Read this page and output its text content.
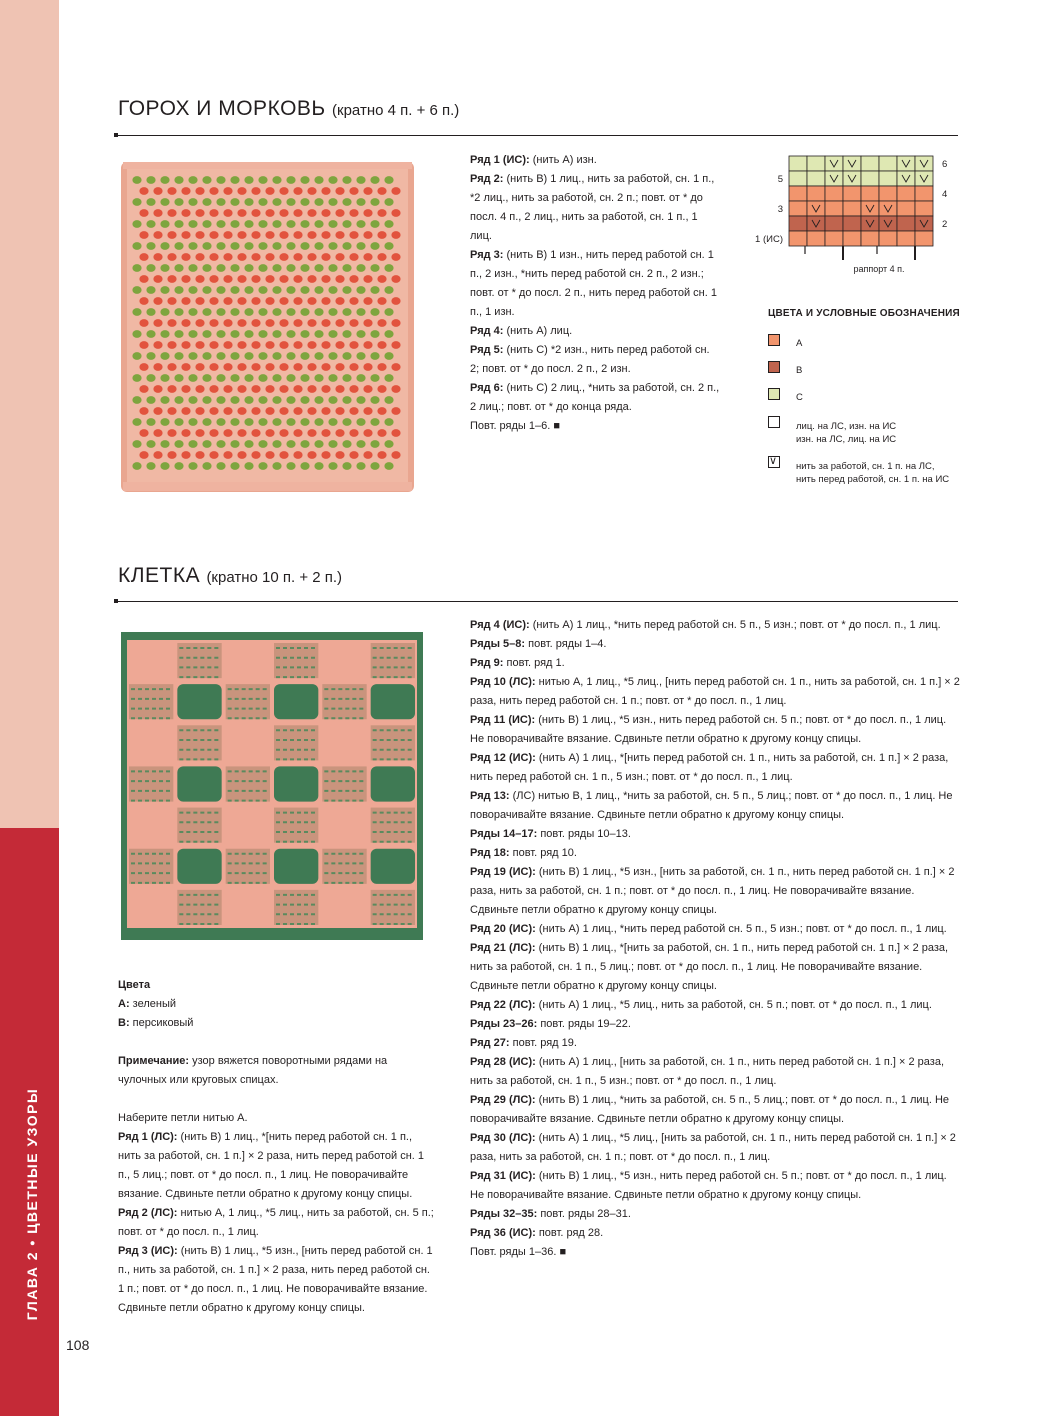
ГЛАВА 2 • ЦВЕТНЫЕ УЗОРЫ
108
ГОРОХ И МОРКОВЬ (кратно 4 п. + 6 п.)

Ряд 1 (ИС): (нить A) изн.

Ряд 2: (нить B) 1 лиц., нить за работой, сн. 1 п., *2 лиц., нить за работой, сн. 2 п.; повт. от * до посл. 4 п., 2 лиц., нить за работой, сн. 1 п., 1 лиц.

Ряд 3: (нить B) 1 изн., нить перед работой сн. 1 п., 2 изн., *нить перед работой сн. 2 п., 2 изн.; повт. от * до посл. 2 п., нить перед работой сн. 1 п., 1 изн.

Ряд 4: (нить A) лиц.

Ряд 5: (нить C) *2 изн., нить перед работой сн. 2; повт. от * до посл. 2 п., 2 изн.

Ряд 6: (нить C) 2 лиц., *нить за работой, сн. 2 п., 2 лиц.; повт. от * до конца ряда.

Повт. ряды 1–6. ■

5
3
1 (ИС)
6
4
2
раппорт 4 п.
ЦВЕТА И УСЛОВНЫЕ ОБОЗНАЧЕНИЯ
A
B
C
лиц. на ЛС, изн. на ИС
изн. на ЛС, лиц. на ИС
∨ нить за работой, сн. 1 п. на ЛС,
нить перед работой, сн. 1 п. на ИС
КЛЕТКА (кратно 10 п. + 2 п.)

Цвета

A: зеленый

B: персиковый

Примечание: узор вяжется поворотными рядами на чулочных или круговых спицах.

Наберите петли нитью A.

Ряд 1 (ЛС): (нить B) 1 лиц., *[нить перед работой сн. 1 п., нить за работой, сн. 1 п.] × 2 раза, нить перед работой сн. 1 п., 5 лиц.; повт. от * до посл. п., 1 лиц. Не поворачивайте вязание. Сдвиньте петли обратно к другому концу спицы.

Ряд 2 (ЛС): нитью A, 1 лиц., *5 лиц., нить за работой, сн. 5 п.; повт. от * до посл. п., 1 лиц.

Ряд 3 (ИС): (нить B) 1 лиц., *5 изн., [нить перед работой сн. 1 п., нить за работой, сн. 1 п.] × 2 раза, нить перед работой сн. 1 п.; повт. от * до посл. п., 1 лиц. Не поворачивайте вязание. Сдвиньте петли обратно к другому концу спицы.

Ряд 4 (ИС): (нить A) 1 лиц., *нить перед работой сн. 5 п., 5 изн.; повт. от * до посл. п., 1 лиц.

Ряды 5–8: повт. ряды 1–4.

Ряд 9: повт. ряд 1.

Ряд 10 (ЛС): нитью A, 1 лиц., *5 лиц., [нить перед работой сн. 1 п., нить за работой, сн. 1 п.] × 2 раза, нить перед работой сн. 1 п.; повт. от * до посл. п., 1 лиц.

Ряд 11 (ИС): (нить B) 1 лиц., *5 изн., нить перед работой сн. 5 п.; повт. от * до посл. п., 1 лиц. Не поворачивайте вязание. Сдвиньте петли обратно к другому концу спицы.

Ряд 12 (ИС): (нить A) 1 лиц., *[нить перед работой сн. 1 п., нить за работой, сн. 1 п.] × 2 раза, нить перед работой сн. 1 п., 5 изн.; повт. от * до посл. п., 1 лиц.

Ряд 13: (ЛС) нитью B, 1 лиц., *нить за работой, сн. 5 п., 5 лиц.; повт. от * до посл. п., 1 лиц. Не поворачивайте вязание. Сдвиньте петли обратно к другому концу спицы.

Ряды 14–17: повт. ряды 10–13.

Ряд 18: повт. ряд 10.

Ряд 19 (ИС): (нить B) 1 лиц., *5 изн., [нить за работой, сн. 1 п., нить перед работой сн. 1 п.] × 2 раза, нить за работой, сн. 1 п.; повт. от * до посл. п., 1 лиц. Не поворачивайте вязание. Сдвиньте петли обратно к другому концу спицы.

Ряд 20 (ИС): (нить A) 1 лиц., *нить перед работой сн. 5 п., 5 изн.; повт. от * до посл. п., 1 лиц.

Ряд 21 (ЛС): (нить B) 1 лиц., *[нить за работой, сн. 1 п., нить перед работой сн. 1 п.] × 2 раза, нить за работой, сн. 1 п., 5 лиц.; повт. от * до посл. п., 1 лиц. Не поворачивайте вязание. Сдвиньте петли обратно к другому концу спицы.

Ряд 22 (ЛС): (нить A) 1 лиц., *5 лиц., нить за работой, сн. 5 п.; повт. от * до посл. п., 1 лиц.

Ряды 23–26: повт. ряды 19–22.

Ряд 27: повт. ряд 19.

Ряд 28 (ИС): (нить A) 1 лиц., [нить за работой, сн. 1 п., нить перед работой сн. 1 п.] × 2 раза, нить за работой, сн. 1 п., 5 изн.; повт. от * до посл. п., 1 лиц.

Ряд 29 (ЛС): (нить B) 1 лиц., *нить за работой, сн. 5 п., 5 лиц.; повт. от * до посл. п., 1 лиц. Не поворачивайте вязание. Сдвиньте петли обратно к другому концу спицы.

Ряд 30 (ЛС): (нить A) 1 лиц., *5 лиц., [нить за работой, сн. 1 п., нить перед работой сн. 1 п.] × 2 раза, нить за работой, сн. 1 п.; повт. от * до посл. п., 1 лиц.

Ряд 31 (ИС): (нить B) 1 лиц., *5 изн., нить перед работой сн. 5 п.; повт. от * до посл. п., 1 лиц. Не поворачивайте вязание. Сдвиньте петли обратно к другому концу спицы.

Ряды 32–35: повт. ряды 28–31.

Ряд 36 (ИС): повт. ряд 28.

Повт. ряды 1–36. ■
